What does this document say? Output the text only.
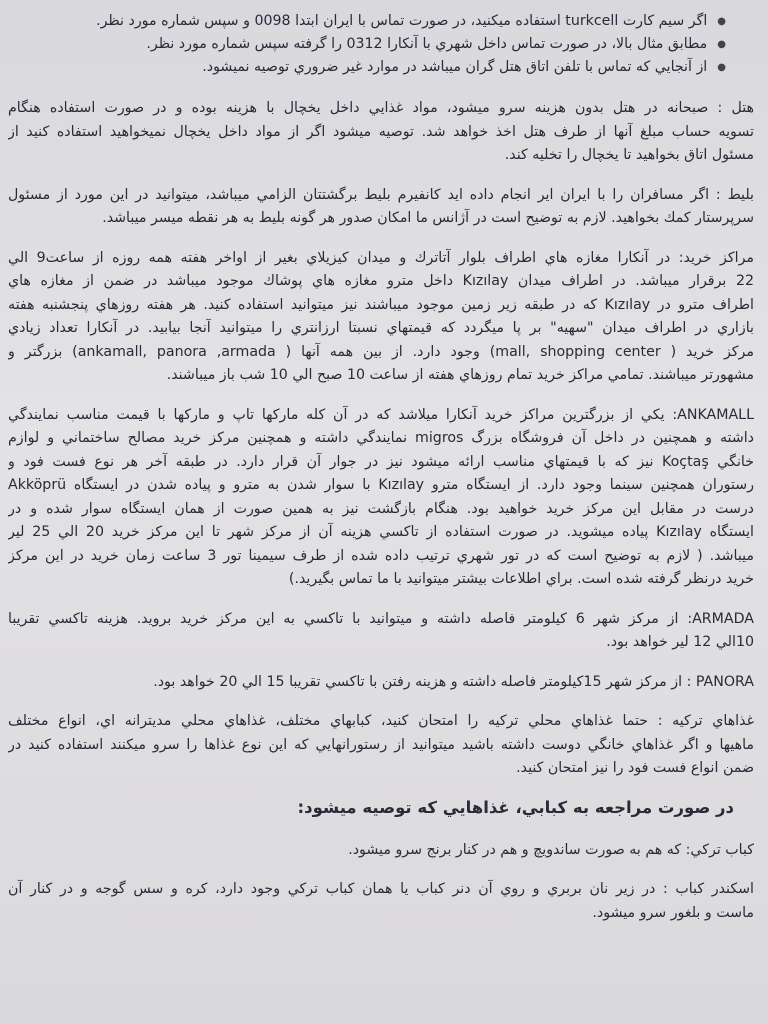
●
اگر سیم کارت turkcell استفاده میکنید، در صورت تماس با ایران ابتدا 0098 و سپس شماره مورد نظر.
●
مطابق مثال بالا، در صورت تماس داخل شهري با آنکارا 0312 را گرفته سپس شماره مورد نظر.
●
از آنجايي كه تماس با تلفن اتاق هتل گران ميباشد در موارد غير ضروري توصيه نميشود.
هتل : صبحانه در هتل بدون هزينه سرو ميشود، مواد غذايي داخل يخچال با هزينه بوده و در صورت استفاده هنگام
تسويه حساب مبلغ آنها از طرف هتل اخذ خواهد شد. توصيه ميشود اگر از مواد داخل يخچال نميخواهيد استفاده كنيد از
مسئول اتاق بخواهيد تا يخچال را تخليه كند.
بليط : اگر مسافران را با ايران اير انجام داده ايد كانفيرم بليط برگشتتان الزامي ميباشد، ميتوانيد در اين مورد از مسئول
سرپرستار كمك بخواهيد. لازم به توضيح است در آژانس ما امكان صدور هر گونه بليط به هر نقطه ميسر ميباشد.
مراكز خريد: در آنكارا مغازه هاي اطراف بلوار آتاترك و ميدان كيزيلاي بغير از اواخر هفته همه روزه از ساعت9 الي
22 برقرار ميباشد. در اطراف ميدان Kızılay داخل مترو مغازه هاي پوشاك موجود ميباشد در ضمن از مغازه هاي
اطراف مترو در Kızılay كه در طبقه زير زمين موجود ميباشند نيز ميتوانيد استفاده كنيد. هر هفته روزهاي پنجشنبه هفته
بازاري در اطراف ميدان "سهيه" بر پا ميگردد كه قيمتهاي نسبتا ارزانتري را ميتوانيد آنجا بيابيد. در آنكارا تعداد زيادي
مركز خريد ( mall, shopping center) وجود دارد. از بين همه آنها ( ankamall, panora ,armada) بزرگتر و
مشهورتر ميباشند. تمامي مراكز خريد تمام روزهاي هفته از ساعت 10 صبح الي 10 شب باز ميباشند.
ANKAMALL: يكي از بزرگترين مراكز خريد آنكارا ميلاشد كه در آن كله ماركها تاپ و ماركها با قيمت مناسب نمايندگي
داشته و همچنين در داخل آن فروشگاه بزرگ migros نمايندگي داشته و همچنين مركز خريد مصالح ساختماني و لوازم
خانگي Koçtaş نيز كه با قيمتهاي مناسب ارائه ميشود نيز در جوار آن قرار دارد. در طبقه آخر هر نوع فست فود و
رستوران همچنين سينما وجود دارد. از ايستگاه مترو Kızılay با سوار شدن به مترو و پياده شدن در ايستگاه Akköprü
درست در مقابل اين مركز خريد خواهيد بود. هنگام بازگشت نيز به همين صورت از همان ايستگاه سوار شده و در
ايستگاه Kızılay پياده ميشويد. در صورت استفاده از تاكسي هزينه آن از مركز شهر تا اين مركز خريد 20 الي 25 لير
ميباشد. ( لازم به توضيح است كه در تور شهري ترتيب داده شده از طرف سيمينا تور 3 ساعت زمان خريد در اين مركز
خريد درنظر گرفته شده است. براي اطلاعات بيشتر ميتوانيد با ما تماس بگيريد.)
ARMADA: از مركز شهر 6 كيلومتر فاصله داشته و ميتوانيد با تاكسي به اين مركز خريد برويد. هزينه تاكسي تقريبا
10الي 12 لير خواهد بود.
PANORA : از مركز شهر 15كيلومتر فاصله داشته و هزينه رفتن با تاكسي تقريبا 15 الي 20 خواهد بود.
غذاهاي تركيه : حتما غذاهاي محلي تركيه را امتحان كنيد، كبابهاي مختلف، غذاهاي محلي مديترانه اي، انواع مختلف
ماهيها و اگر غذاهاي خانگي دوست داشته باشيد ميتوانيد از رستورانهايي كه اين نوع غذاها را سرو ميكنند استفاده كنيد در
ضمن انواع فست فود را نيز امتحان كنيد.
در صورت مراجعه به كبابي، غذاهايي كه توصيه ميشود:
كباب تركي: كه هم به صورت ساندويچ و هم در كنار برنج سرو ميشود.
اسكندر كباب : در زير نان بربري و روي آن دنر كباب يا همان كباب تركي وجود دارد، كره و سس گوجه و در كنار آن
ماست و بلغور سرو ميشود.
